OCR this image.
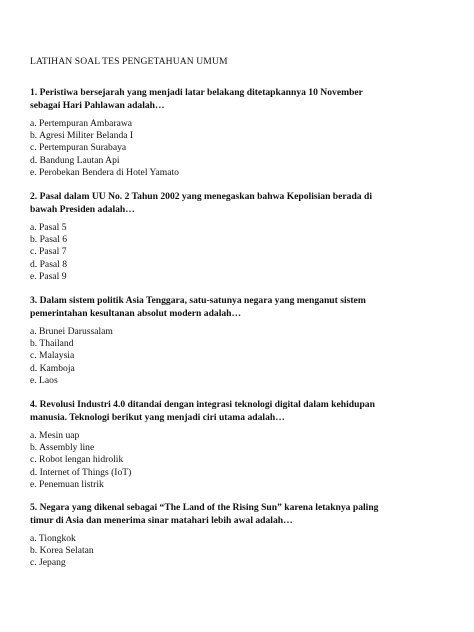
LATIHAN SOAL TES PENGETAHUAN UMUM
1. Peristiwa bersejarah yang menjadi latar belakang ditetapkannya 10 November
sebagai Hari Pahlawan adalah…
a. Pertempuran Ambarawa
b. Agresi Militer Belanda I
c. Pertempuran Surabaya
d. Bandung Lautan Api
e. Perobekan Bendera di Hotel Yamato
2. Pasal dalam UU No. 2 Tahun 2002 yang menegaskan bahwa Kepolisian berada di
bawah Presiden adalah…
a. Pasal 5
b. Pasal 6
c. Pasal 7
d. Pasal 8
e. Pasal 9
3. Dalam sistem politik Asia Tenggara, satu-satunya negara yang menganut sistem
pemerintahan kesultanan absolut modern adalah…
a. Brunei Darussalam
b. Thailand
c. Malaysia
d. Kamboja
e. Laos
4. Revolusi Industri 4.0 ditandai dengan integrasi teknologi digital dalam kehidupan
manusia. Teknologi berikut yang menjadi ciri utama adalah…
a. Mesin uap
b. Assembly line
c. Robot lengan hidrolik
d. Internet of Things (IoT)
e. Penemuan listrik
5. Negara yang dikenal sebagai “The Land of the Rising Sun” karena letaknya paling
timur di Asia dan menerima sinar matahari lebih awal adalah…
a. Tiongkok
b. Korea Selatan
c. Jepang
